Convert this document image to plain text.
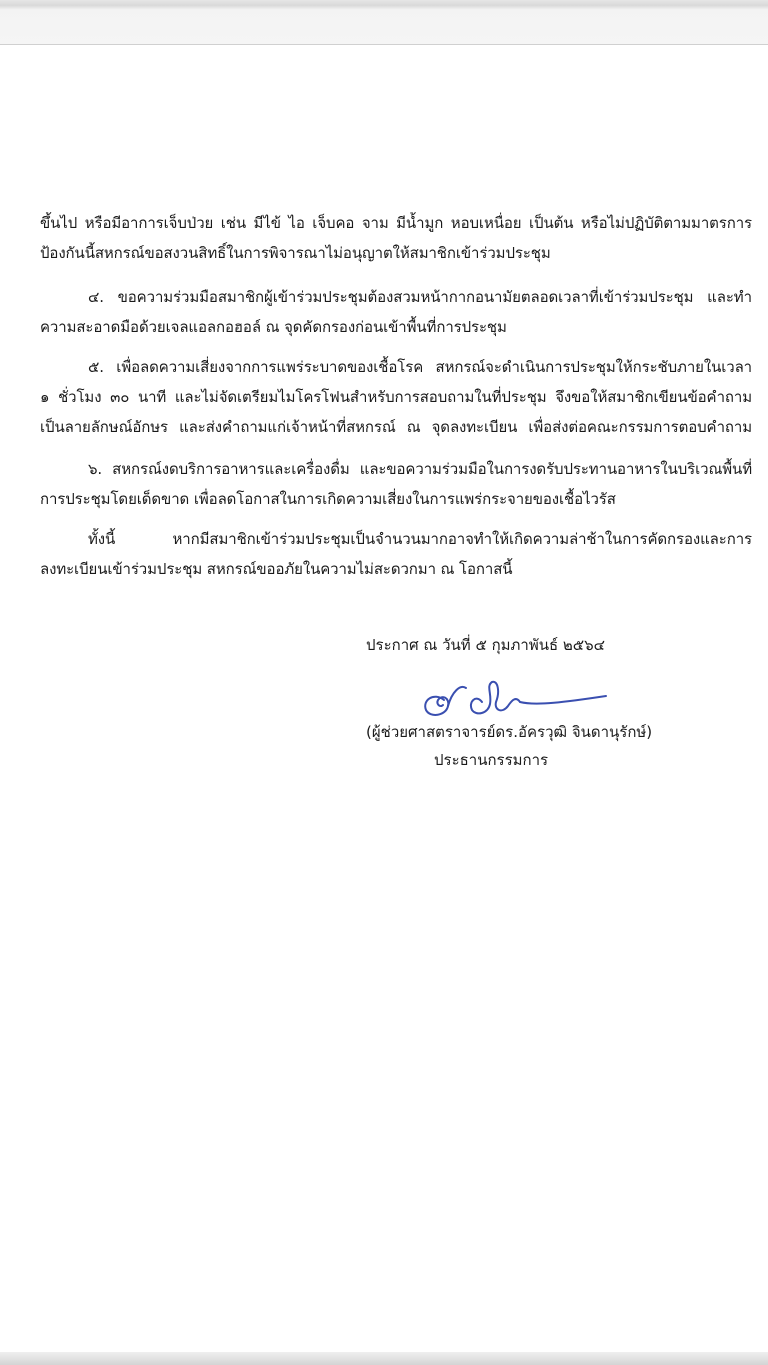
ขึ้นไป หรือมีอาการเจ็บป่วย เช่น มีไข้ ไอ เจ็บคอ จาม มีน้ำมูก หอบเหนื่อย เป็นต้น หรือไม่ปฏิบัติตามมาตรการ
ป้องกันนี้สหกรณ์ขอสงวนสิทธิ์ในการพิจารณาไม่อนุญาตให้สมาชิกเข้าร่วมประชุม
๔. ขอความร่วมมือสมาชิกผู้เข้าร่วมประชุมต้องสวมหน้ากากอนามัยตลอดเวลาที่เข้าร่วมประชุม และทำ
ความสะอาดมือด้วยเจลแอลกอฮอล์ ณ จุดคัดกรองก่อนเข้าพื้นที่การประชุม
๕. เพื่อลดความเสี่ยงจากการแพร่ระบาดของเชื้อโรค สหกรณ์จะดำเนินการประชุมให้กระชับภายในเวลา
๑ ชั่วโมง ๓๐ นาที และไม่จัดเตรียมไมโครโฟนสำหรับการสอบถามในที่ประชุม จึงขอให้สมาชิกเขียนข้อคำถาม
เป็นลายลักษณ์อักษร และส่งคำถามแก่เจ้าหน้าที่สหกรณ์ ณ จุดลงทะเบียน เพื่อส่งต่อคณะกรรมการตอบคำถาม
๖. สหกรณ์งดบริการอาหารและเครื่องดื่ม และขอความร่วมมือในการงดรับประทานอาหารในบริเวณพื้นที่
การประชุมโดยเด็ดขาด เพื่อลดโอกาสในการเกิดความเสี่ยงในการแพร่กระจายของเชื้อไวรัส
ทั้งนี้ หากมีสมาชิกเข้าร่วมประชุมเป็นจำนวนมากอาจทำให้เกิดความล่าช้าในการคัดกรองและการ
ลงทะเบียนเข้าร่วมประชุม สหกรณ์ขออภัยในความไม่สะดวกมา ณ โอกาสนี้
ประกาศ ณ วันที่ ๕ กุมภาพันธ์ ๒๕๖๔
(ผู้ช่วยศาสตราจารย์ดร.อัครวุฒิ จินดานุรักษ์)
ประธานกรรมการ
